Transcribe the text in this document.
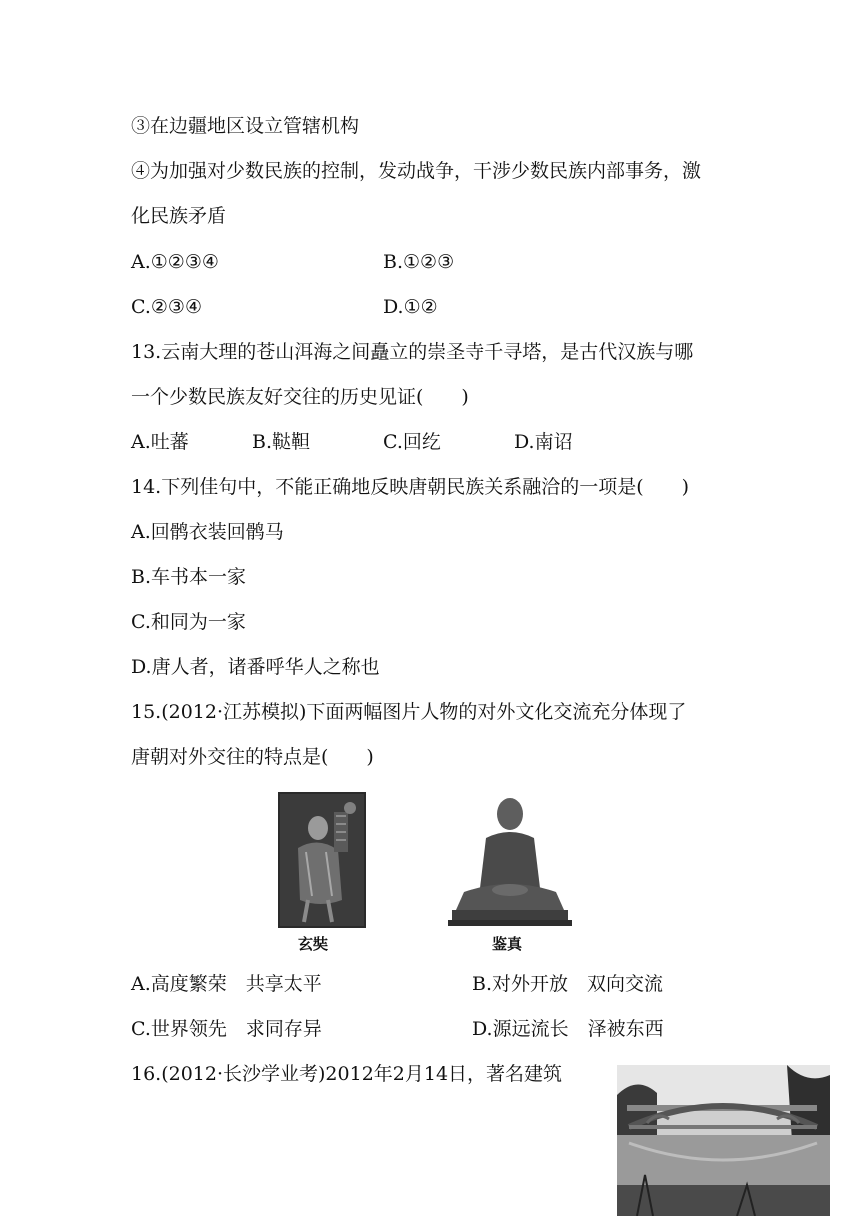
③在边疆地区设立管辖机构
④为加强对少数民族的控制，发动战争，干涉少数民族内部事务，激
化民族矛盾
A.①②③④	B.①②③
C.②③④	D.①②
13.云南大理的苍山洱海之间矗立的崇圣寺千寻塔，是古代汉族与哪
一个少数民族友好交往的历史见证(　　)
A.吐蕃	B.鞑靼	C.回纥	D.南诏
14.下列佳句中，不能正确地反映唐朝民族关系融洽的一项是(　　)
A.回鹘衣装回鹘马
B.车书本一家
C.和同为一家
D.唐人者，诸番呼华人之称也
15.(2012·江苏模拟)下面两幅图片人物的对外文化交流充分体现了
唐朝对外交往的特点是(　　)
玄奘	鉴真
A.高度繁荣　共享太平	B.对外开放　双向交流
C.世界领先　求同存异	D.源远流长　泽被东西
16.(2012·长沙学业考)2012年2月14日，著名建筑
